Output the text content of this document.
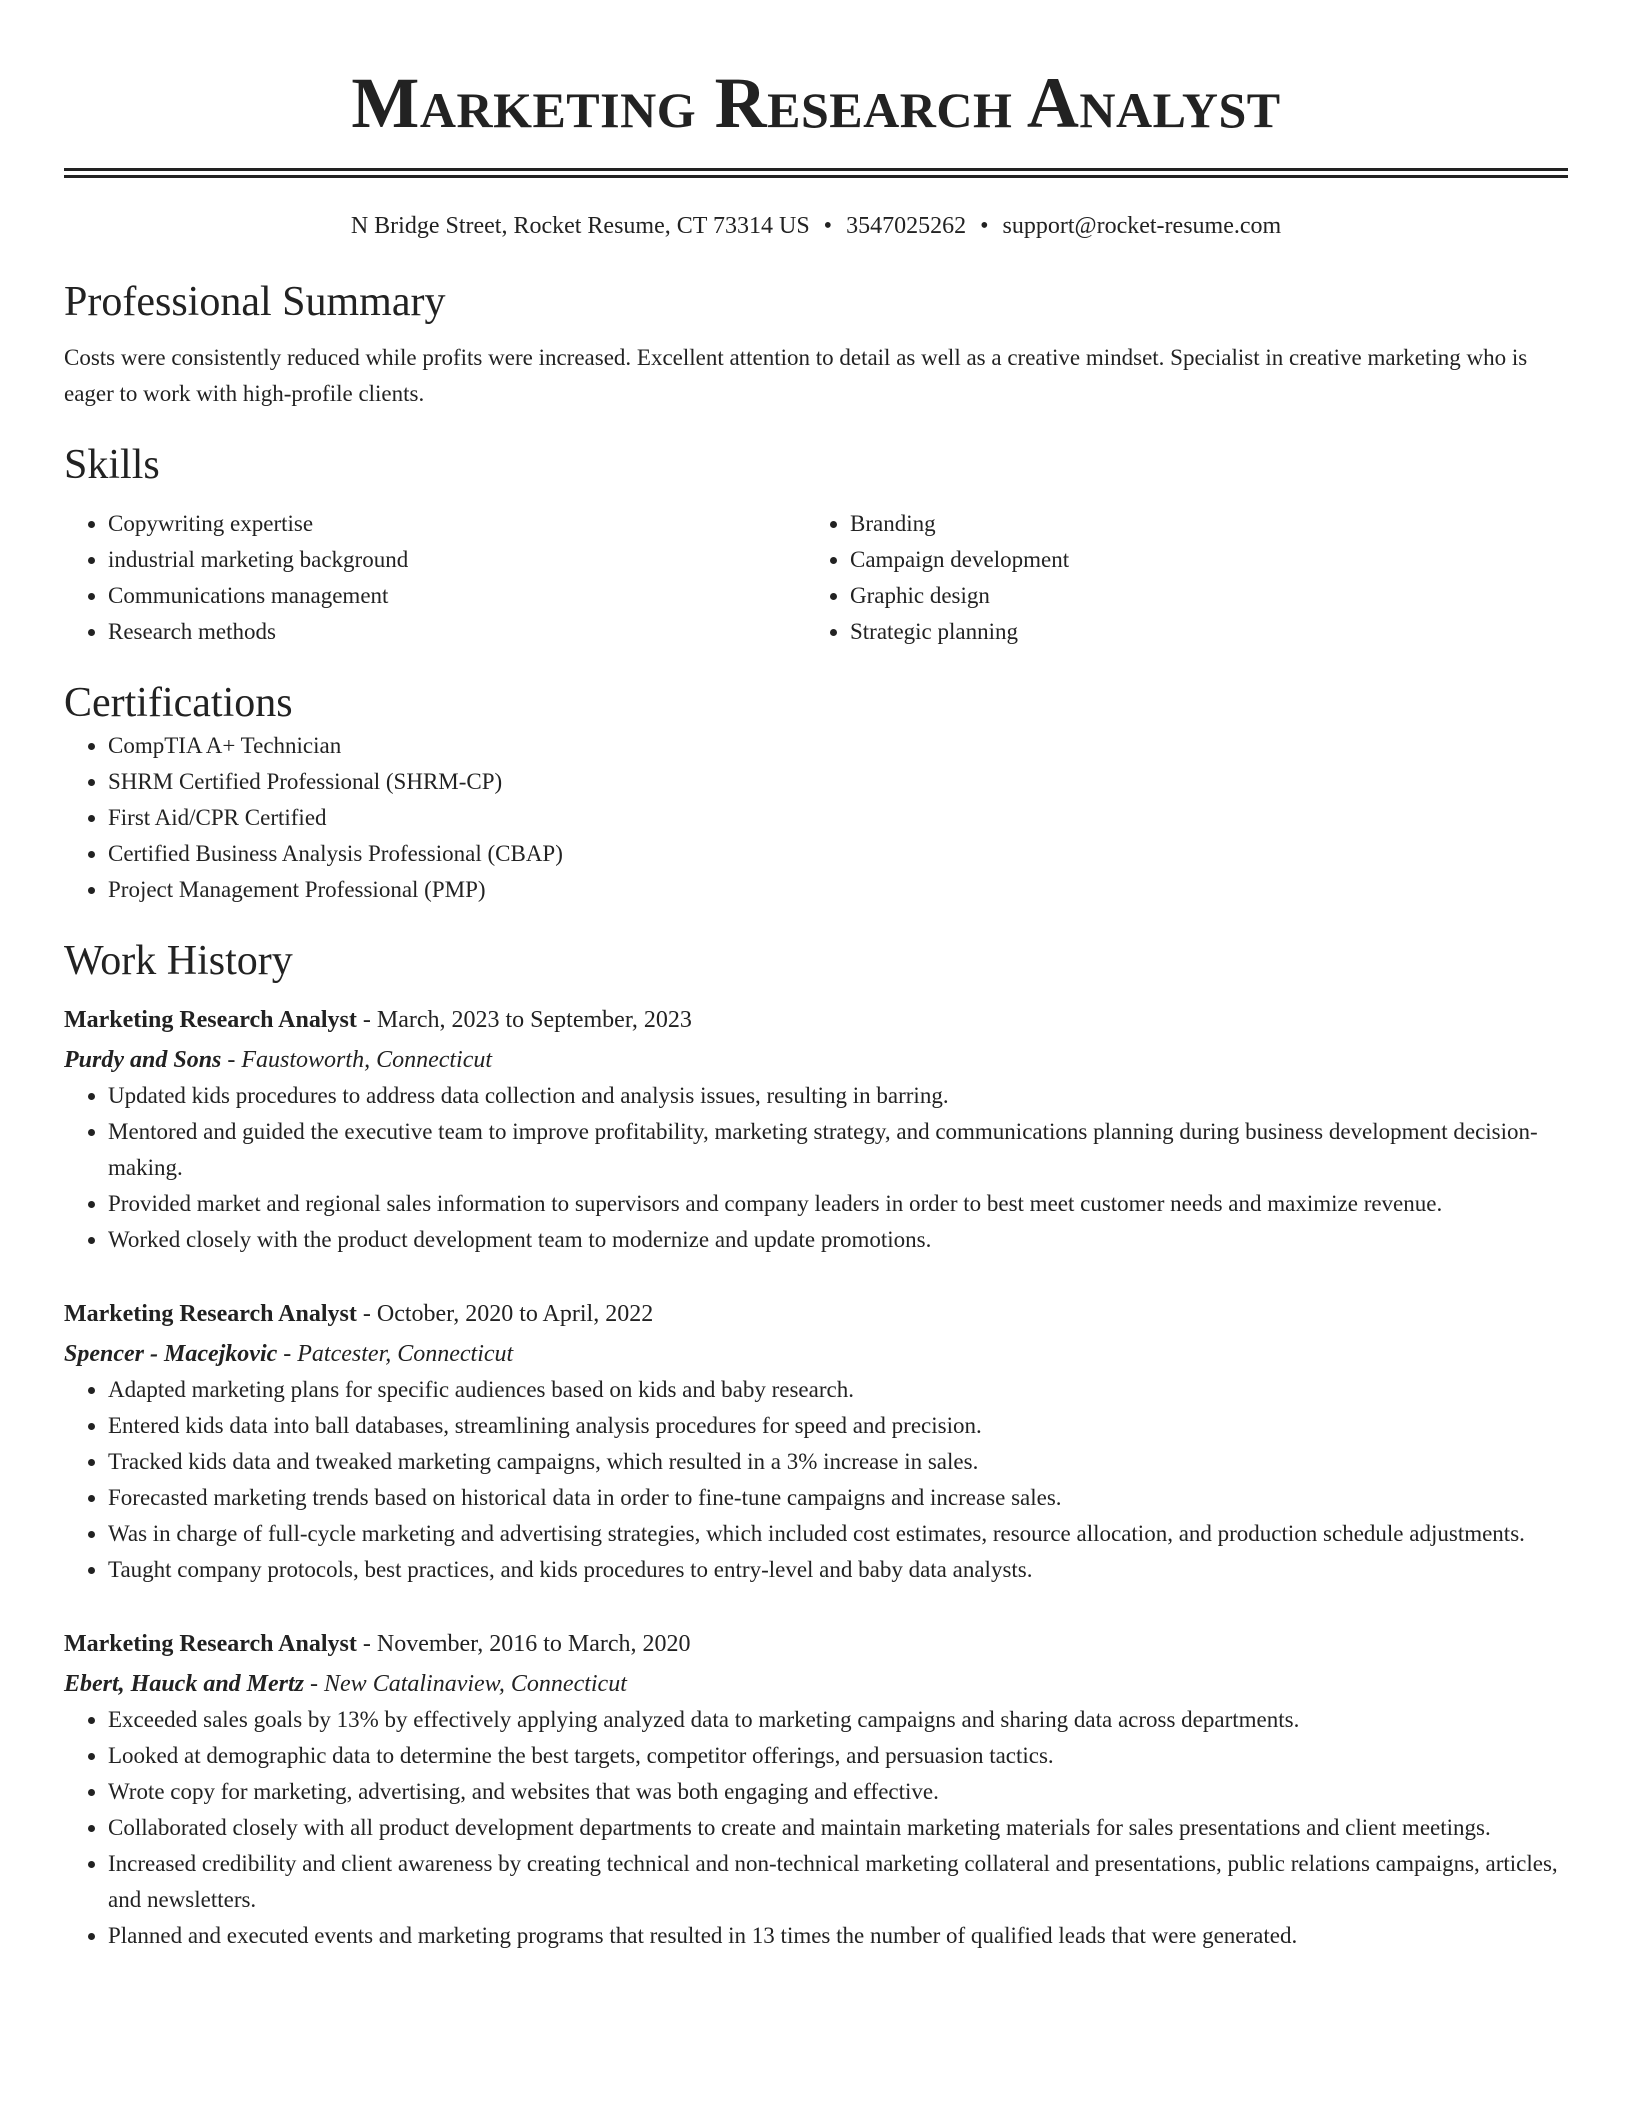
Marketing Research Analyst
N Bridge Street, Rocket Resume, CT 73314 US • 3547025262 • support@rocket-resume.com
Professional Summary

Costs were consistently reduced while profits were increased. Excellent attention to detail as well as a creative mindset. Specialist in creative marketing who is eager to work with high-profile clients.

Skills
• Copywriting expertise
• industrial marketing background
• Communications management
• Research methods
• Branding
• Campaign development
• Graphic design
• Strategic planning
Certifications
• CompTIA A+ Technician
• SHRM Certified Professional (SHRM-CP)
• First Aid/CPR Certified
• Certified Business Analysis Professional (CBAP)
• Project Management Professional (PMP)
Work History
Marketing Research Analyst - March, 2023 to September, 2023
Purdy and Sons - Faustoworth, Connecticut
• Updated kids procedures to address data collection and analysis issues, resulting in barring.
• Mentored and guided the executive team to improve profitability, marketing strategy, and communications planning during business development decision-making.
• Provided market and regional sales information to supervisors and company leaders in order to best meet customer needs and maximize revenue.
• Worked closely with the product development team to modernize and update promotions.
Marketing Research Analyst - October, 2020 to April, 2022
Spencer - Macejkovic - Patcester, Connecticut
• Adapted marketing plans for specific audiences based on kids and baby research.
• Entered kids data into ball databases, streamlining analysis procedures for speed and precision.
• Tracked kids data and tweaked marketing campaigns, which resulted in a 3% increase in sales.
• Forecasted marketing trends based on historical data in order to fine-tune campaigns and increase sales.
• Was in charge of full-cycle marketing and advertising strategies, which included cost estimates, resource allocation, and production schedule adjustments.
• Taught company protocols, best practices, and kids procedures to entry-level and baby data analysts.
Marketing Research Analyst - November, 2016 to March, 2020
Ebert, Hauck and Mertz - New Catalinaview, Connecticut
• Exceeded sales goals by 13% by effectively applying analyzed data to marketing campaigns and sharing data across departments.
• Looked at demographic data to determine the best targets, competitor offerings, and persuasion tactics.
• Wrote copy for marketing, advertising, and websites that was both engaging and effective.
• Collaborated closely with all product development departments to create and maintain marketing materials for sales presentations and client meetings.
• Increased credibility and client awareness by creating technical and non-technical marketing collateral and presentations, public relations campaigns, articles, and newsletters.
• Planned and executed events and marketing programs that resulted in 13 times the number of qualified leads that were generated.
